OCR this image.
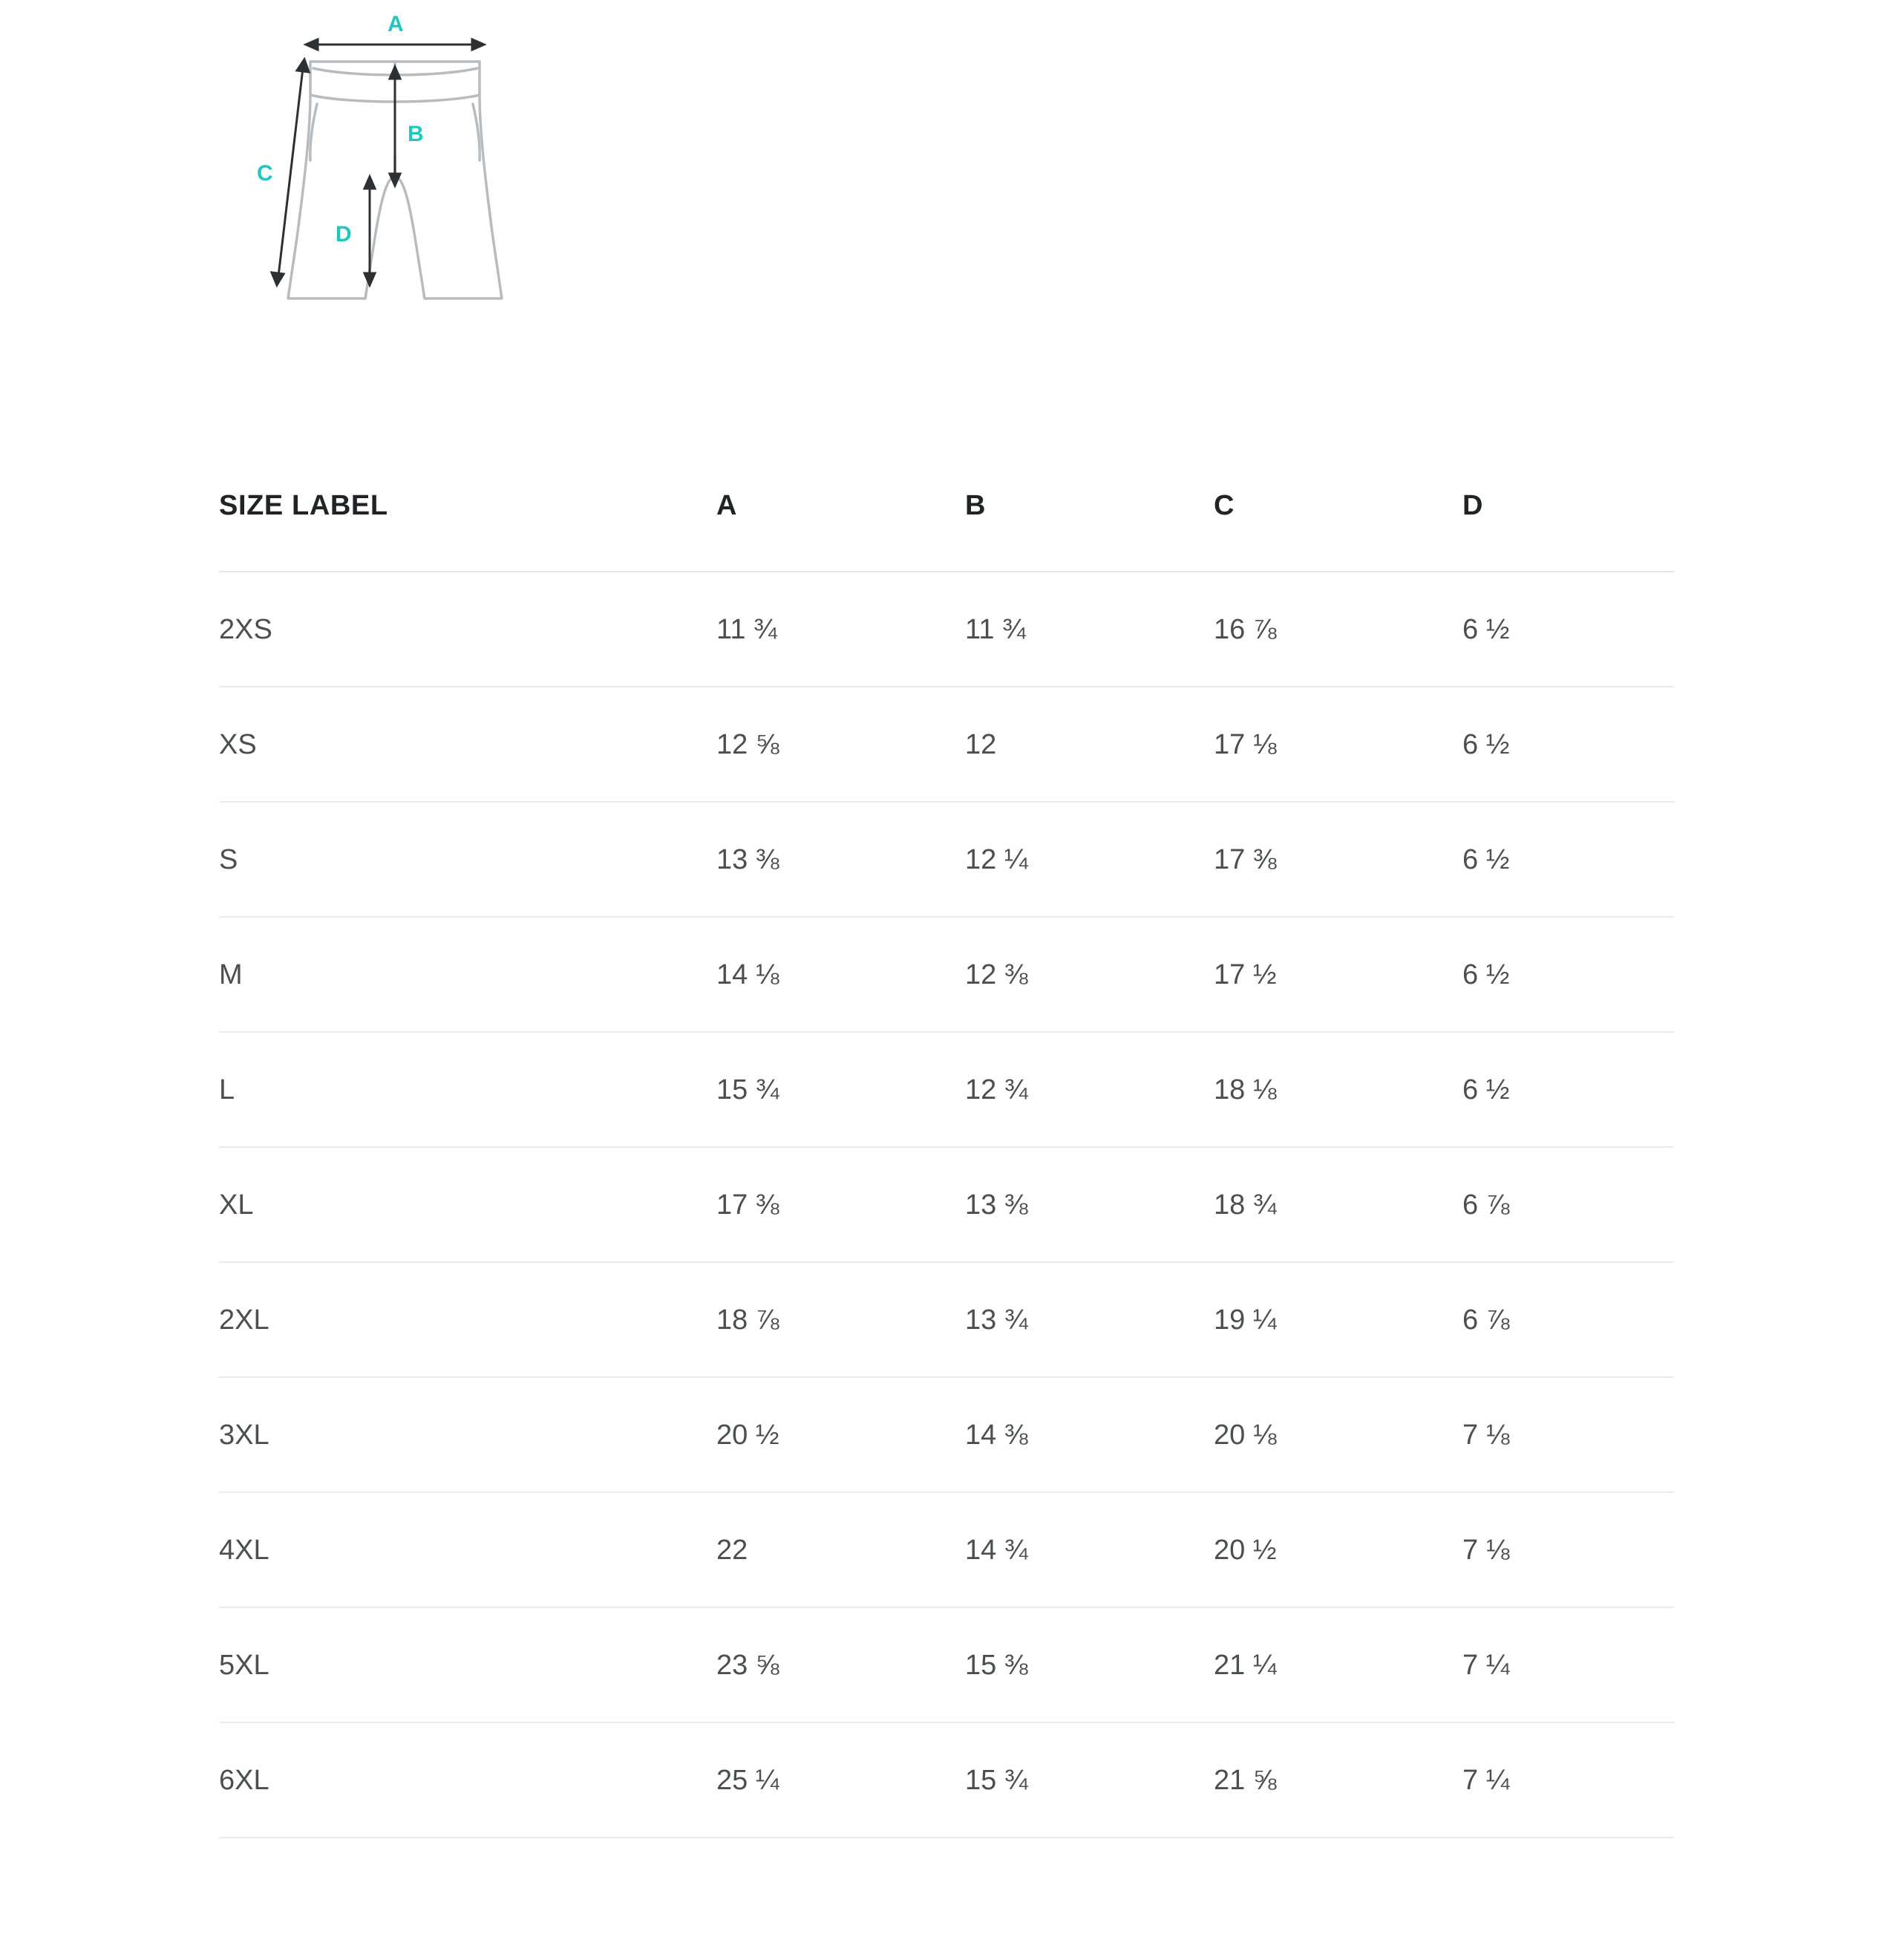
A
B
C
D
SIZE LABEL	A	B	C	D
2XS	11 ¾	11 ¾	16 ⅞	6 ½
XS	12 ⅝	12	17 ⅛	6 ½
S	13 ⅜	12 ¼	17 ⅜	6 ½
M	14 ⅛	12 ⅜	17 ½	6 ½
L	15 ¾	12 ¾	18 ⅛	6 ½
XL	17 ⅜	13 ⅜	18 ¾	6 ⅞
2XL	18 ⅞	13 ¾	19 ¼	6 ⅞
3XL	20 ½	14 ⅜	20 ⅛	7 ⅛
4XL	22	14 ¾	20 ½	7 ⅛
5XL	23 ⅝	15 ⅜	21 ¼	7 ¼
6XL	25 ¼	15 ¾	21 ⅝	7 ¼
